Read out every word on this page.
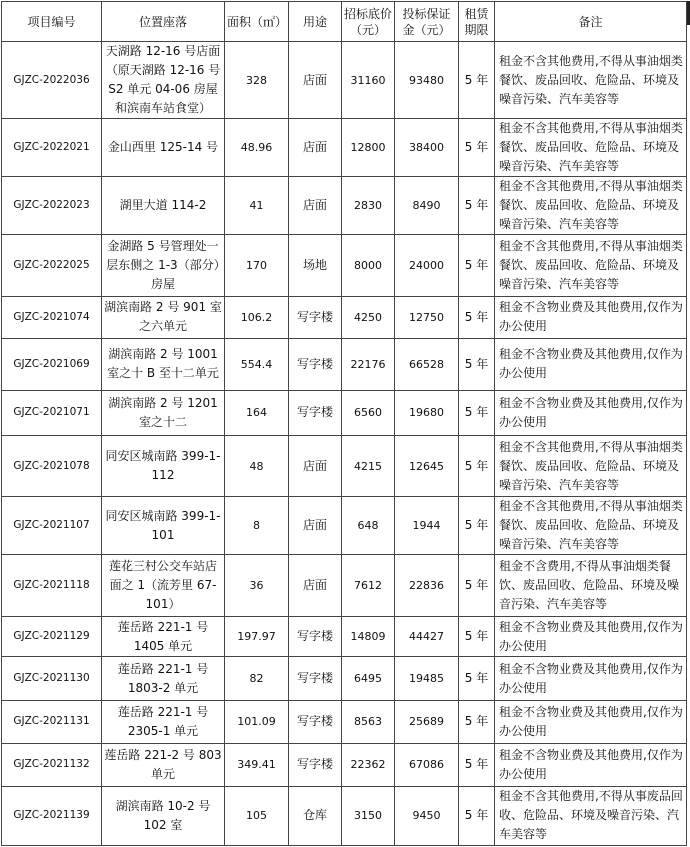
项目编号	位置座落	面积（㎡）	用途	招标底价（元）	投标保证金（元）	租赁期限	备注
GJZC-2022036	天湖路 12-16 号店面（原天湖路 12-16 号 S2 单元 04-06 房屋和滨南车站食堂）	328	店面	31160	93480	5 年	租金不含其他费用,不得从事油烟类餐饮、废品回收、危险品、环境及噪音污染、汽车美容等
GJZC-2022021	金山西里 125-14 号	48.96	店面	12800	38400	5 年	租金不含其他费用,不得从事油烟类餐饮、废品回收、危险品、环境及噪音污染、汽车美容等
GJZC-2022023	湖里大道 114-2	41	店面	2830	8490	5 年	租金不含其他费用,不得从事油烟类餐饮、废品回收、危险品、环境及噪音污染、汽车美容等
GJZC-2022025	金湖路 5 号管理处一层东侧之 1-3（部分）房屋	170	场地	8000	24000	5 年	租金不含其他费用,不得从事油烟类餐饮、废品回收、危险品、环境及噪音污染、汽车美容等
GJZC-2021074	湖滨南路 2 号 901 室之六单元	106.2	写字楼	4250	12750	5 年	租金不含物业费及其他费用,仅作为办公使用
GJZC-2021069	湖滨南路 2 号 1001 室之十 B 至十二单元	554.4	写字楼	22176	66528	5 年	租金不含物业费及其他费用,仅作为办公使用
GJZC-2021071	湖滨南路 2 号 1201 室之十二	164	写字楼	6560	19680	5 年	租金不含物业费及其他费用,仅作为办公使用
GJZC-2021078	同安区城南路 399-1-112	48	店面	4215	12645	5 年	租金不含其他费用,不得从事油烟类餐饮、废品回收、危险品、环境及噪音污染、汽车美容等
GJZC-2021107	同安区城南路 399-1-101	8	店面	648	1944	5 年	租金不含其他费用,不得从事油烟类餐饮、废品回收、危险品、环境及噪音污染、汽车美容等
GJZC-2021118	莲花三村公交车站店面之 1（流芳里 67-101）	36	店面	7612	22836	5 年	租金不含费用,不得从事油烟类餐饮、废品回收、危险品、环境及噪音污染、汽车美容等
GJZC-2021129	莲岳路 221-1 号 1405 单元	197.97	写字楼	14809	44427	5 年	租金不含物业费及其他费用,仅作为办公使用
GJZC-2021130	莲岳路 221-1 号 1803-2 单元	82	写字楼	6495	19485	5 年	租金不含物业费及其他费用,仅作为办公使用
GJZC-2021131	莲岳路 221-1 号 2305-1 单元	101.09	写字楼	8563	25689	5 年	租金不含物业费及其他费用,仅作为办公使用
GJZC-2021132	莲岳路 221-2 号 803 单元	349.41	写字楼	22362	67086	5 年	租金不含物业费及其他费用,仅作为办公使用
GJZC-2021139	湖滨南路 10-2 号 102 室	105	仓库	3150	9450	5 年	租金不含其他费用,不得从事废品回收、危险品、环境及噪音污染、汽车美容等
